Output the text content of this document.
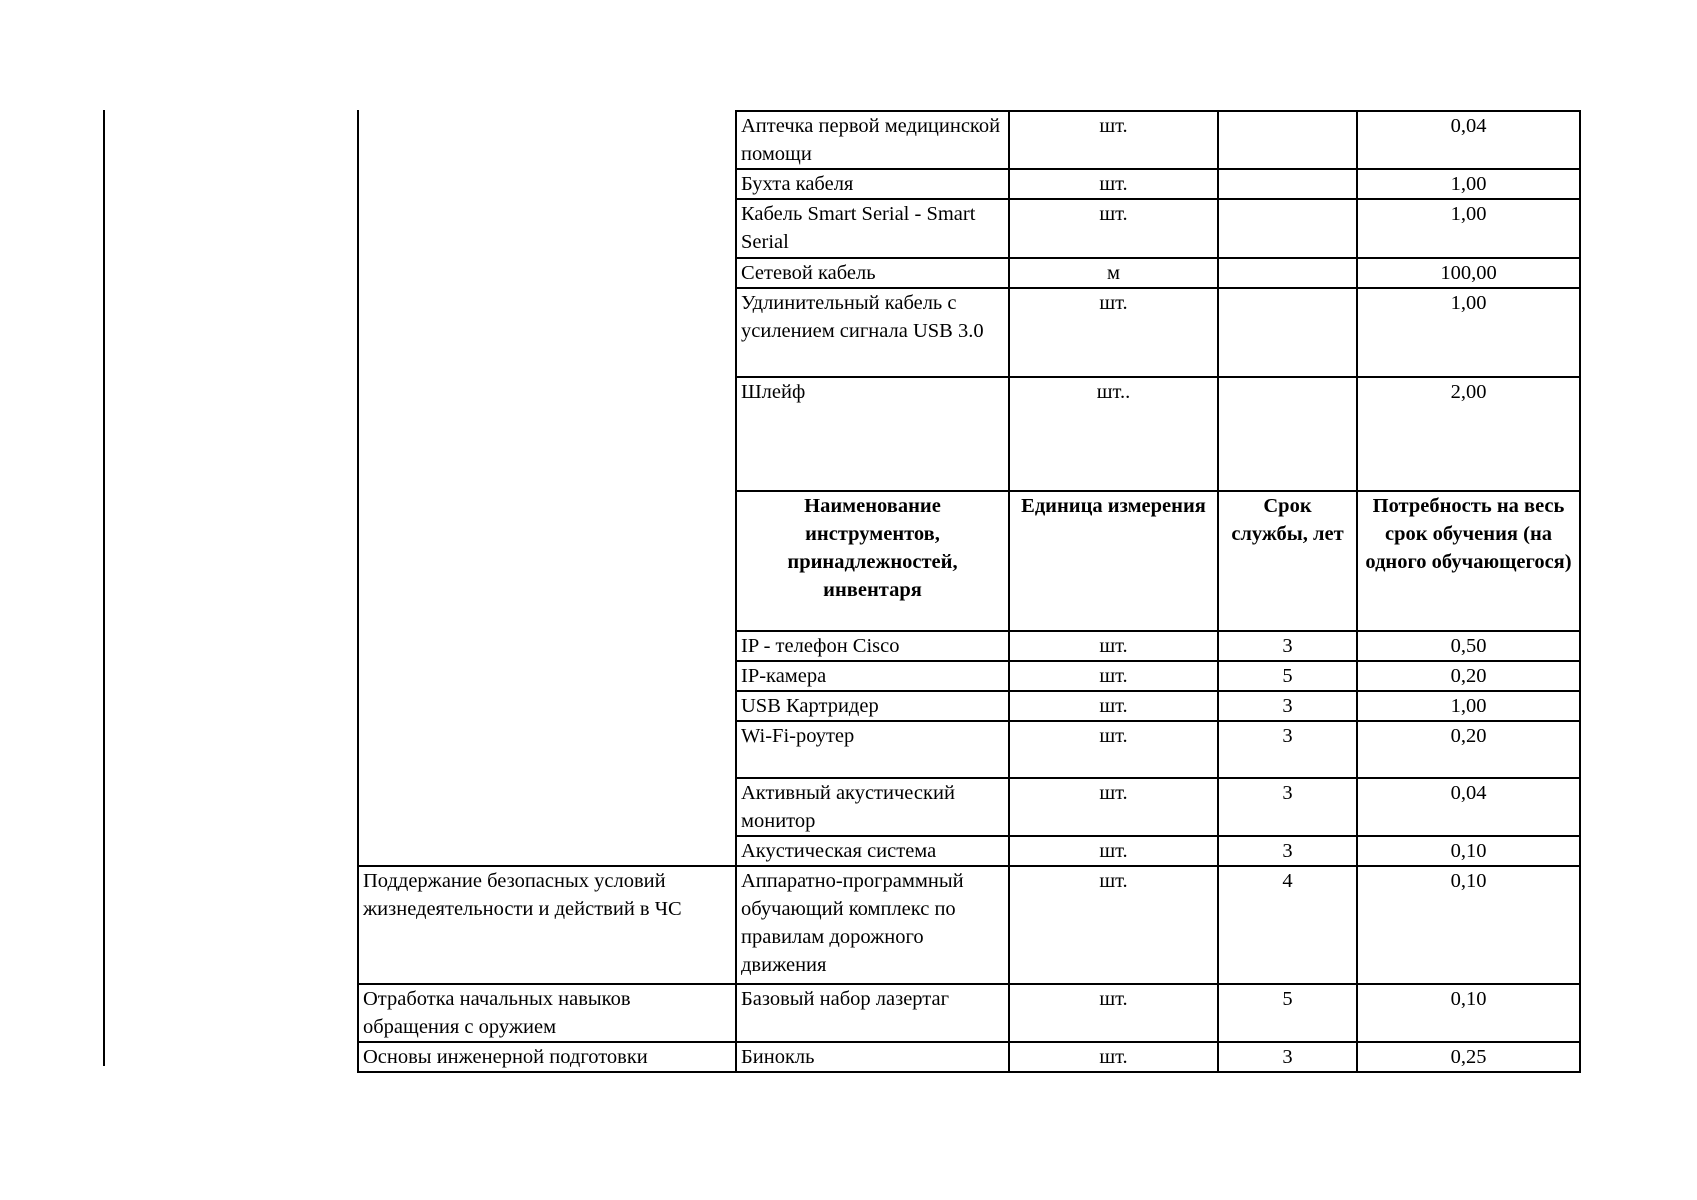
	Аптечка первой медицинской помощи	шт.		0,04
	Бухта кабеля	шт.		1,00
	Кабель Smart Serial - Smart Serial	шт.		1,00
	Сетевой кабель	м		100,00
	Удлинительный кабель с усилением сигнала USB 3.0	шт.		1,00
	Шлейф	шт..		2,00
	Наименование инструментов, принадлежностей, инвентаря	Единица измерения	Срок службы, лет	Потребность на весь срок обучения (на одного обучающегося)
	IP - телефон Cisco	шт.	3	0,50
	IP-камера	шт.	5	0,20
	USB Картридер	шт.	3	1,00
	Wi-Fi-роутер	шт.	3	0,20
	Активный акустический монитор	шт.	3	0,04
	Акустическая система	шт.	3	0,10
Поддержание безопасных условий жизнедеятельности и действий в ЧС	Аппаратно-программный обучающий комплекс по правилам дорожного движения	шт.	4	0,10
Отработка начальных навыков обращения с оружием	Базовый набор лазертаг	шт.	5	0,10
Основы инженерной подготовки	Бинокль	шт.	3	0,25
